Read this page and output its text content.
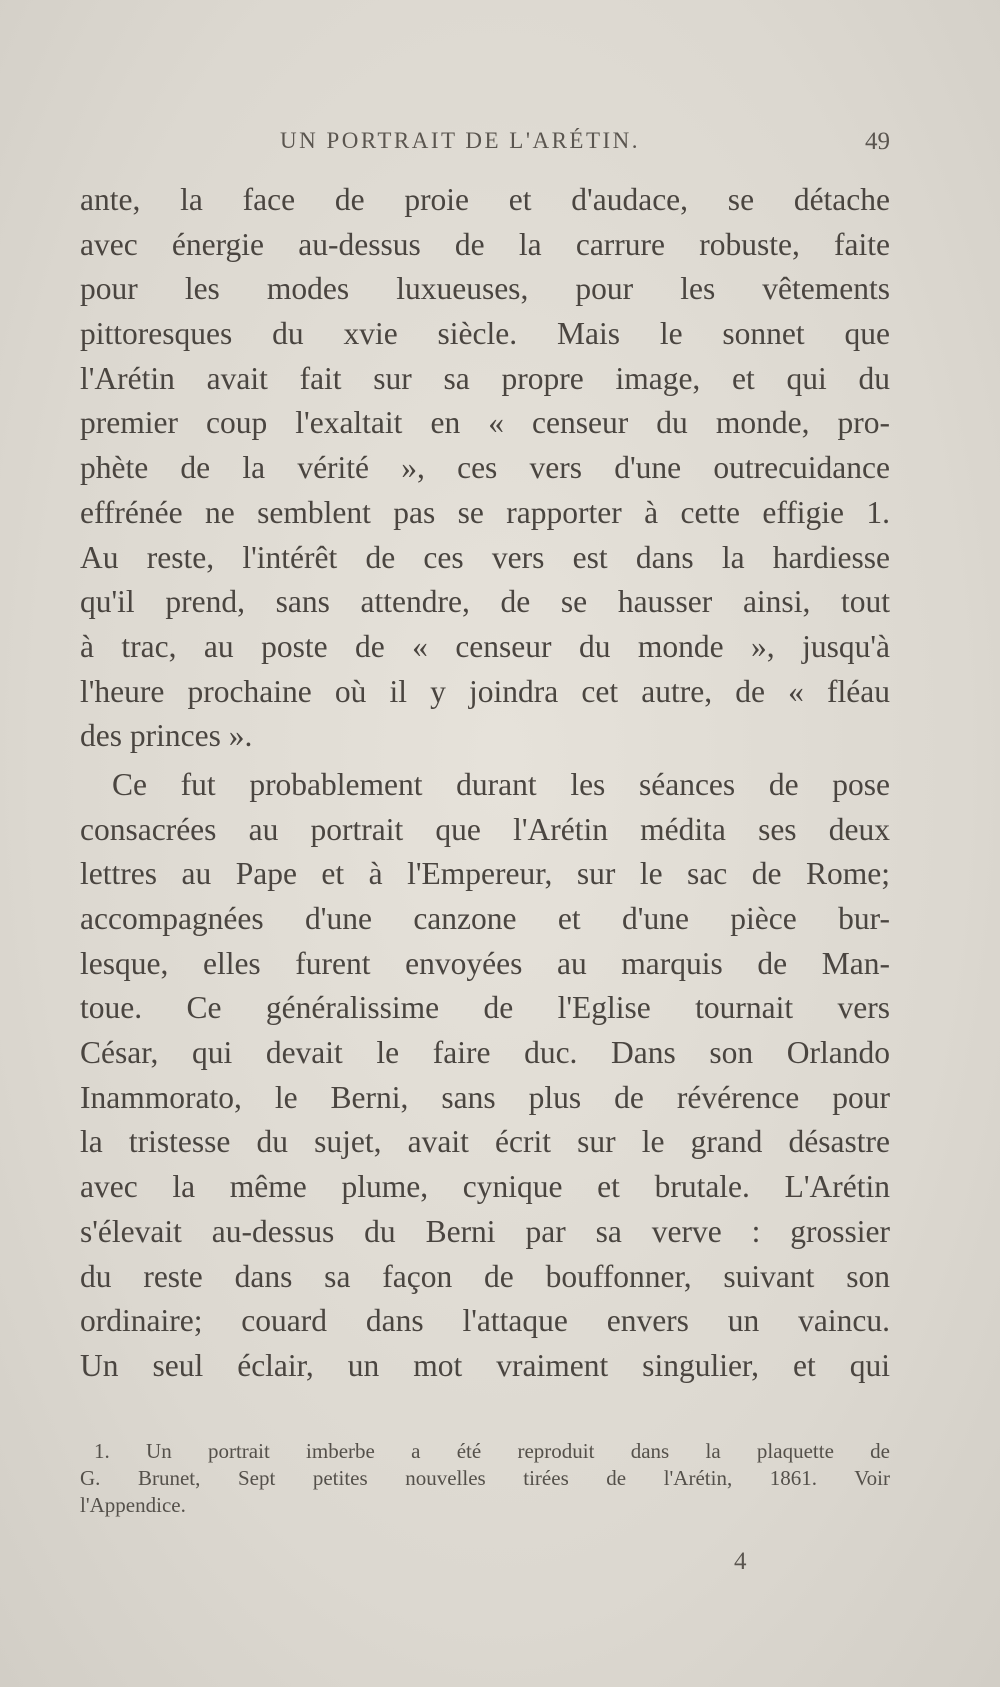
UN PORTRAIT DE L'ARÉTIN.	49
ante, la face de proie et d'audace, se détache
avec énergie au-dessus de la carrure robuste, faite
pour les modes luxueuses, pour les vêtements
pittoresques du xvie siècle. Mais le sonnet que
l'Arétin avait fait sur sa propre image, et qui du
premier coup l'exaltait en « censeur du monde, pro-
phète de la vérité », ces vers d'une outrecuidance
effrénée ne semblent pas se rapporter à cette effigie 1.
Au reste, l'intérêt de ces vers est dans la hardiesse
qu'il prend, sans attendre, de se hausser ainsi, tout
à trac, au poste de « censeur du monde », jusqu'à
l'heure prochaine où il y joindra cet autre, de « fléau
des princes ».
Ce fut probablement durant les séances de pose
consacrées au portrait que l'Arétin médita ses deux
lettres au Pape et à l'Empereur, sur le sac de Rome;
accompagnées d'une canzone et d'une pièce bur-
lesque, elles furent envoyées au marquis de Man-
toue. Ce généralissime de l'Eglise tournait vers
César, qui devait le faire duc. Dans son Orlando
Inammorato, le Berni, sans plus de révérence pour
la tristesse du sujet, avait écrit sur le grand désastre
avec la même plume, cynique et brutale. L'Arétin
s'élevait au-dessus du Berni par sa verve : grossier
du reste dans sa façon de bouffonner, suivant son
ordinaire; couard dans l'attaque envers un vaincu.
Un seul éclair, un mot vraiment singulier, et qui
1. Un portrait imberbe a été reproduit dans la plaquette de
G. Brunet, Sept petites nouvelles tirées de l'Arétin, 1861. Voir
l'Appendice.
4
